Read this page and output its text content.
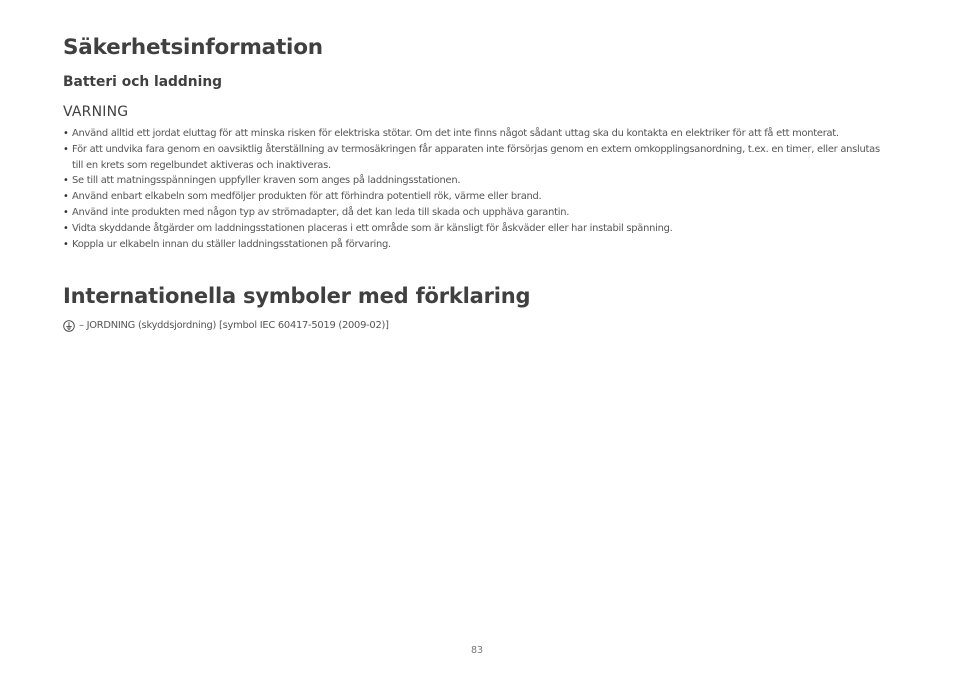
Säkerhetsinformation
Batteri och laddning
VARNING
• Använd alltid ett jordat eluttag för att minska risken för elektriska stötar. Om det inte finns något sådant uttag ska du kontakta en elektriker för att få ett monterat.
• För att undvika fara genom en oavsiktlig återställning av termosäkringen får apparaten inte försörjas genom en extern omkopplingsanordning, t.ex. en timer, eller anslutas till en krets som regelbundet aktiveras och inaktiveras.
• Se till att matningsspänningen uppfyller kraven som anges på laddningsstationen.
• Använd enbart elkabeln som medföljer produkten för att förhindra potentiell rök, värme eller brand.
• Använd inte produkten med någon typ av strömadapter, då det kan leda till skada och upphäva garantin.
• Vidta skyddande åtgärder om laddningsstationen placeras i ett område som är känsligt för åskväder eller har instabil spänning.
• Koppla ur elkabeln innan du ställer laddningsstationen på förvaring.
Internationella symboler med förklaring
– JORDNING (skyddsjordning) [symbol IEC 60417-5019 (2009-02)]
83
